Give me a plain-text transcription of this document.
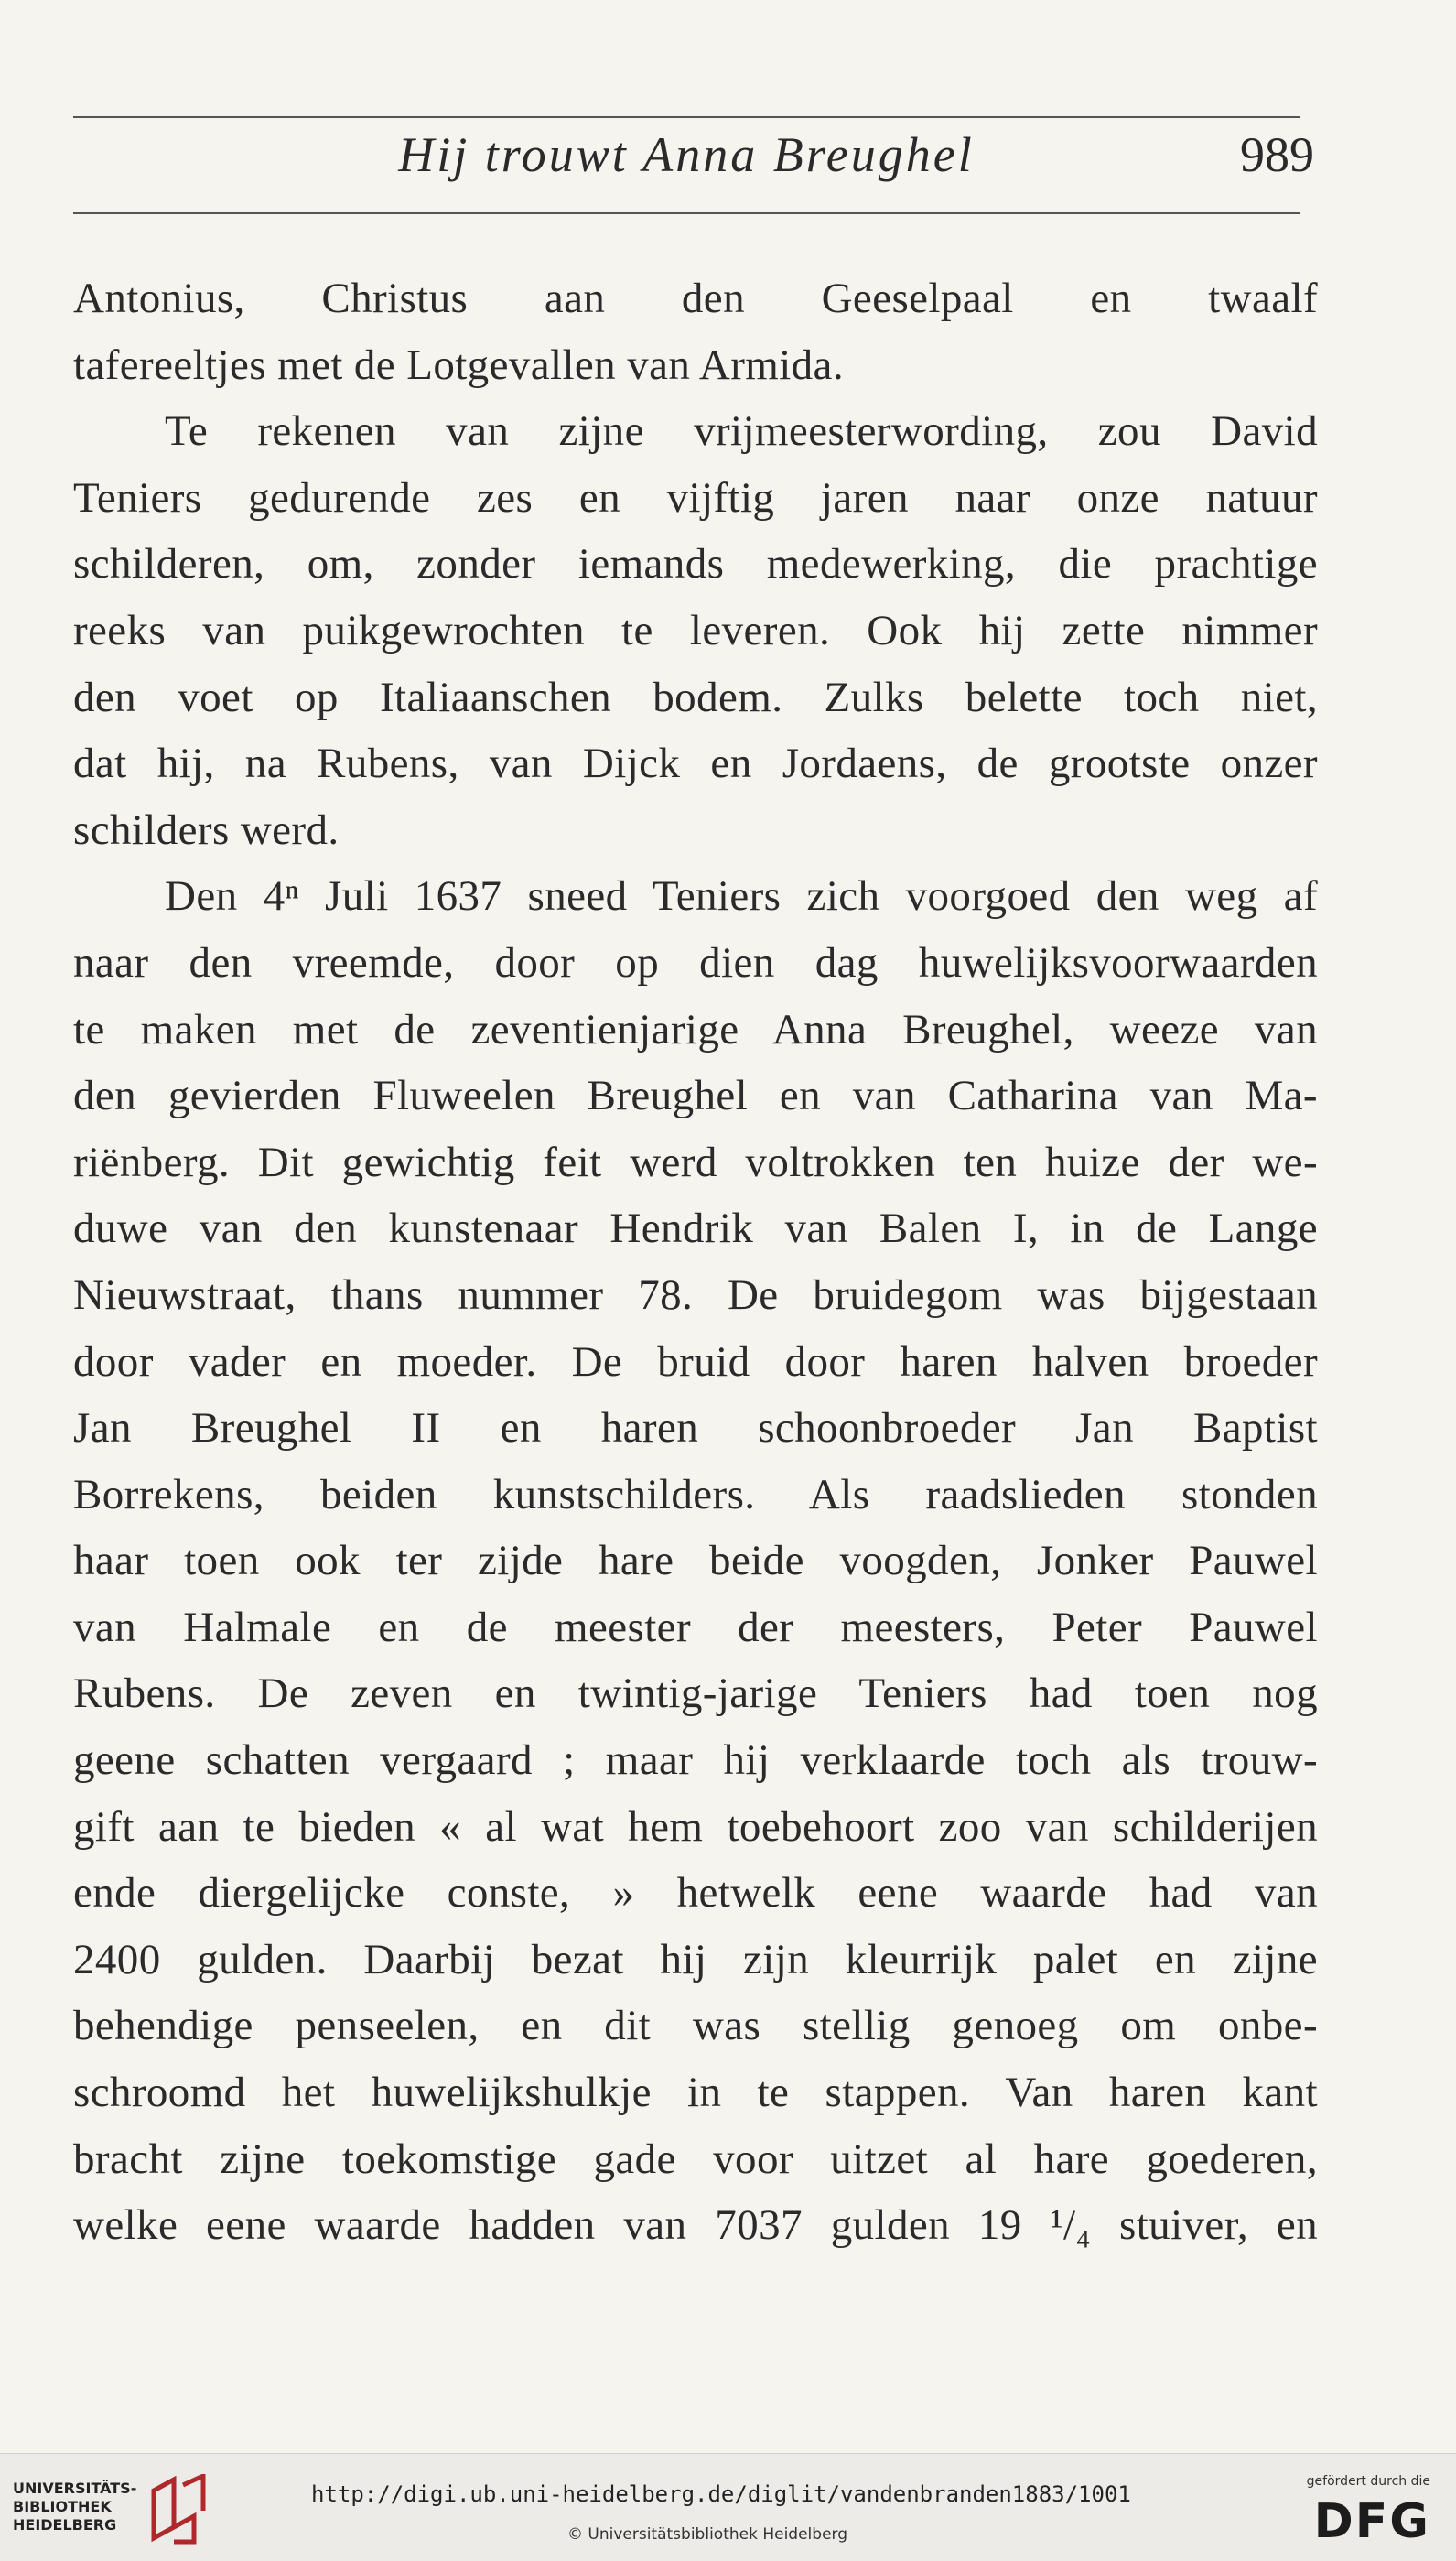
Hij trouwt Anna Breughel	989
Antonius, Christus aan den Geeselpaal en twaalf
tafereeltjes met de Lotgevallen van Armida.
Te rekenen van zijne vrijmeesterwording, zou David
Teniers gedurende zes en vijftig jaren naar onze natuur
schilderen, om, zonder iemands medewerking, die prachtige
reeks van puikgewrochten te leveren. Ook hij zette nimmer
den voet op Italiaanschen bodem. Zulks belette toch niet,
dat hij, na Rubens, van Dijck en Jordaens, de grootste onzer
schilders werd.
Den 4ⁿ Juli 1637 sneed Teniers zich voorgoed den weg af
naar den vreemde, door op dien dag huwelijksvoorwaarden
te maken met de zeventienjarige Anna Breughel, weeze van
den gevierden Fluweelen Breughel en van Catharina van Ma-
riënberg. Dit gewichtig feit werd voltrokken ten huize der we-
duwe van den kunstenaar Hendrik van Balen I, in de Lange
Nieuwstraat, thans nummer 78. De bruidegom was bijgestaan
door vader en moeder. De bruid door haren halven broeder
Jan Breughel II en haren schoonbroeder Jan Baptist
Borrekens, beiden kunstschilders. Als raadslieden stonden
haar toen ook ter zijde hare beide voogden, Jonker Pauwel
van Halmale en de meester der meesters, Peter Pauwel
Rubens. De zeven en twintig-jarige Teniers had toen nog
geene schatten vergaard ; maar hij verklaarde toch als trouw-
gift aan te bieden « al wat hem toebehoort zoo van schilderijen
ende diergelijcke conste, » hetwelk eene waarde had van
2400 gulden. Daarbij bezat hij zijn kleurrijk palet en zijne
behendige penseelen, en dit was stellig genoeg om onbe-
schroomd het huwelijkshulkje in te stappen. Van haren kant
bracht zijne toekomstige gade voor uitzet al hare goederen,
welke eene waarde hadden van 7037 gulden 19 ¹/₄ stuiver, en
UNIVERSITÄTS-
BIBLIOTHEK
HEIDELBERG
http://digi.ub.uni-heidelberg.de/diglit/vandenbranden1883/1001
© Universitätsbibliothek Heidelberg
gefördert durch die
DFG
